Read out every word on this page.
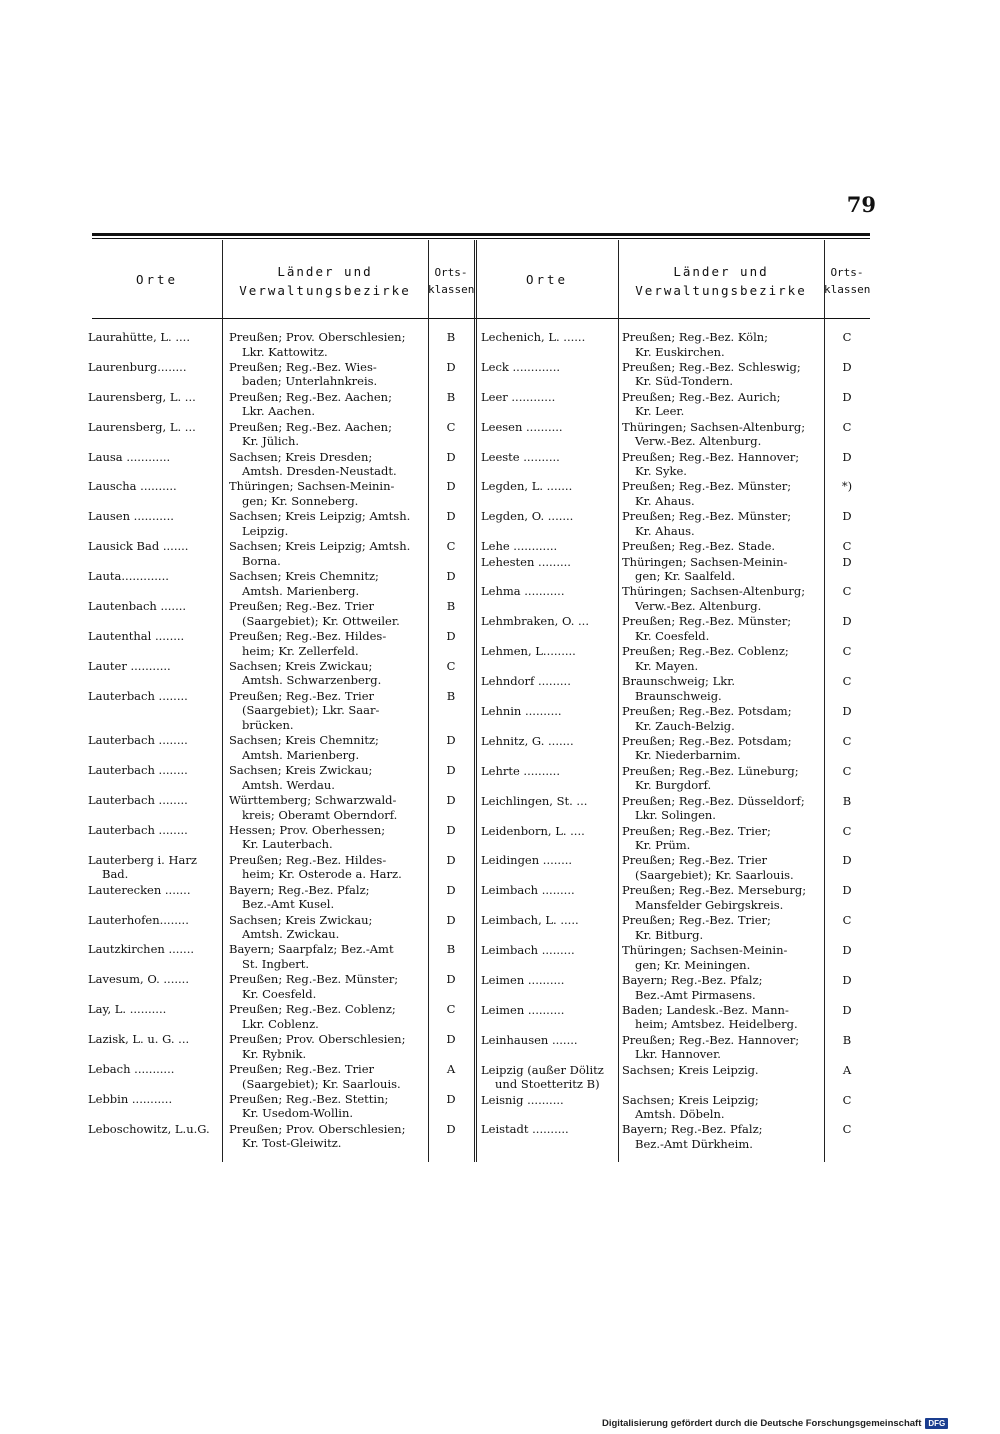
79
Orte
Länder und
Verwaltungsbezirke
Orts-
klassen
Orte
Länder und
Verwaltungsbezirke
Orts-
klassen
Laurahütte, L. ....	Preußen; Prov. Oberschlesien;
Lkr. Kattowitz.
B
Laurenburg........	Preußen; Reg.-Bez. Wies-
baden; Unterlahnkreis.
D
Laurensberg, L. ...	Preußen; Reg.-Bez. Aachen;
Lkr. Aachen.
B
Laurensberg, L. ...	Preußen; Reg.-Bez. Aachen;
Kr. Jülich.
C
Lausa ............	Sachsen; Kreis Dresden;
Amtsh. Dresden-Neustadt.
D
Lauscha ..........	Thüringen; Sachsen-Meinin-
gen; Kr. Sonneberg.
D
Lausen ...........	Sachsen; Kreis Leipzig; Amtsh.
Leipzig.
D
Lausick Bad .......	Sachsen; Kreis Leipzig; Amtsh.
Borna.
C
Lauta.............	Sachsen; Kreis Chemnitz;
Amtsh. Marienberg.
D
Lautenbach .......	Preußen; Reg.-Bez. Trier
(Saargebiet); Kr. Ottweiler.
B
Lautenthal ........	Preußen; Reg.-Bez. Hildes-
heim; Kr. Zellerfeld.
D
Lauter ...........	Sachsen; Kreis Zwickau;
Amtsh. Schwarzenberg.
C
Lauterbach ........	Preußen; Reg.-Bez. Trier
(Saargebiet); Lkr. Saar-
brücken.
B
Lauterbach ........	Sachsen; Kreis Chemnitz;
Amtsh. Marienberg.
D
Lauterbach ........	Sachsen; Kreis Zwickau;
Amtsh. Werdau.
D
Lauterbach ........	Württemberg; Schwarzwald-
kreis; Oberamt Oberndorf.
D
Lauterbach ........	Hessen; Prov. Oberhessen;
Kr. Lauterbach.
D
Lauterberg i. Harz
Bad.
Preußen; Reg.-Bez. Hildes-
heim; Kr. Osterode a. Harz.
D
Lauterecken .......	Bayern; Reg.-Bez. Pfalz;
Bez.-Amt Kusel.
D
Lauterhofen........	Sachsen; Kreis Zwickau;
Amtsh. Zwickau.
D
Lautzkirchen .......	Bayern; Saarpfalz; Bez.-Amt
St. Ingbert.
B
Lavesum, O. .......	Preußen; Reg.-Bez. Münster;
Kr. Coesfeld.
D
Lay, L. ..........	Preußen; Reg.-Bez. Coblenz;
Lkr. Coblenz.
C
Lazisk, L. u. G. ...	Preußen; Prov. Oberschlesien;
Kr. Rybnik.
D
Lebach ...........	Preußen; Reg.-Bez. Trier
(Saargebiet); Kr. Saarlouis.
A
Lebbin ...........	Preußen; Reg.-Bez. Stettin;
Kr. Usedom-Wollin.
D
Leboschowitz, L.u.G. Preußen; Prov. Oberschlesien;
Kr. Tost-Gleiwitz.
D
Lechenich, L. ......	Preußen; Reg.-Bez. Köln;
Kr. Euskirchen.
C
Leck .............	Preußen; Reg.-Bez. Schleswig;
Kr. Süd-Tondern.
D
Leer ............	Preußen; Reg.-Bez. Aurich;
Kr. Leer.
D
Leesen ..........	Thüringen; Sachsen-Altenburg;
Verw.-Bez. Altenburg.
C
Leeste ..........	Preußen; Reg.-Bez. Hannover;
Kr. Syke.
D
Legden, L. .......	Preußen; Reg.-Bez. Münster;
Kr. Ahaus.
*)
Legden, O. .......	Preußen; Reg.-Bez. Münster;
Kr. Ahaus.
D
Lehe ............	Preußen; Reg.-Bez. Stade.	C
Lehesten .........	Thüringen; Sachsen-Meinin-
gen; Kr. Saalfeld.
D
Lehma ...........	Thüringen; Sachsen-Altenburg;
Verw.-Bez. Altenburg.
C
Lehmbraken, O. ...	Preußen; Reg.-Bez. Münster;
Kr. Coesfeld.
D
Lehmen, L.........	Preußen; Reg.-Bez. Coblenz;
Kr. Mayen.
C
Lehndorf .........	Braunschweig; Lkr.
Braunschweig.
C
Lehnin ..........	Preußen; Reg.-Bez. Potsdam;
Kr. Zauch-Belzig.
D
Lehnitz, G. .......	Preußen; Reg.-Bez. Potsdam;
Kr. Niederbarnim.
C
Lehrte ..........	Preußen; Reg.-Bez. Lüneburg;
Kr. Burgdorf.
C
Leichlingen, St. ...	Preußen; Reg.-Bez. Düsseldorf;
Lkr. Solingen.
B
Leidenborn, L. ....	Preußen; Reg.-Bez. Trier;
Kr. Prüm.
C
Leidingen ........	Preußen; Reg.-Bez. Trier
(Saargebiet); Kr. Saarlouis.
D
Leimbach .........	Preußen; Reg.-Bez. Merseburg;
Mansfelder Gebirgskreis.
D
Leimbach, L. .....	Preußen; Reg.-Bez. Trier;
Kr. Bitburg.
C
Leimbach .........	Thüringen; Sachsen-Meinin-
gen; Kr. Meiningen.
D
Leimen ..........	Bayern; Reg.-Bez. Pfalz;
Bez.-Amt Pirmasens.
D
Leimen ..........	Baden; Landesk.-Bez. Mann-
heim; Amtsbez. Heidelberg.
D
Leinhausen .......	Preußen; Reg.-Bez. Hannover;
Lkr. Hannover.
B
Leipzig (außer Dölitz
und Stoetteritz B)
Sachsen; Kreis Leipzig.	A
Leisnig ..........	Sachsen; Kreis Leipzig;
Amtsh. Döbeln.
C
Leistadt ..........	Bayern; Reg.-Bez. Pfalz;
Bez.-Amt Dürkheim.
C
Digitalisierung gefördert durch die Deutsche Forschungsgemeinschaft DFG
